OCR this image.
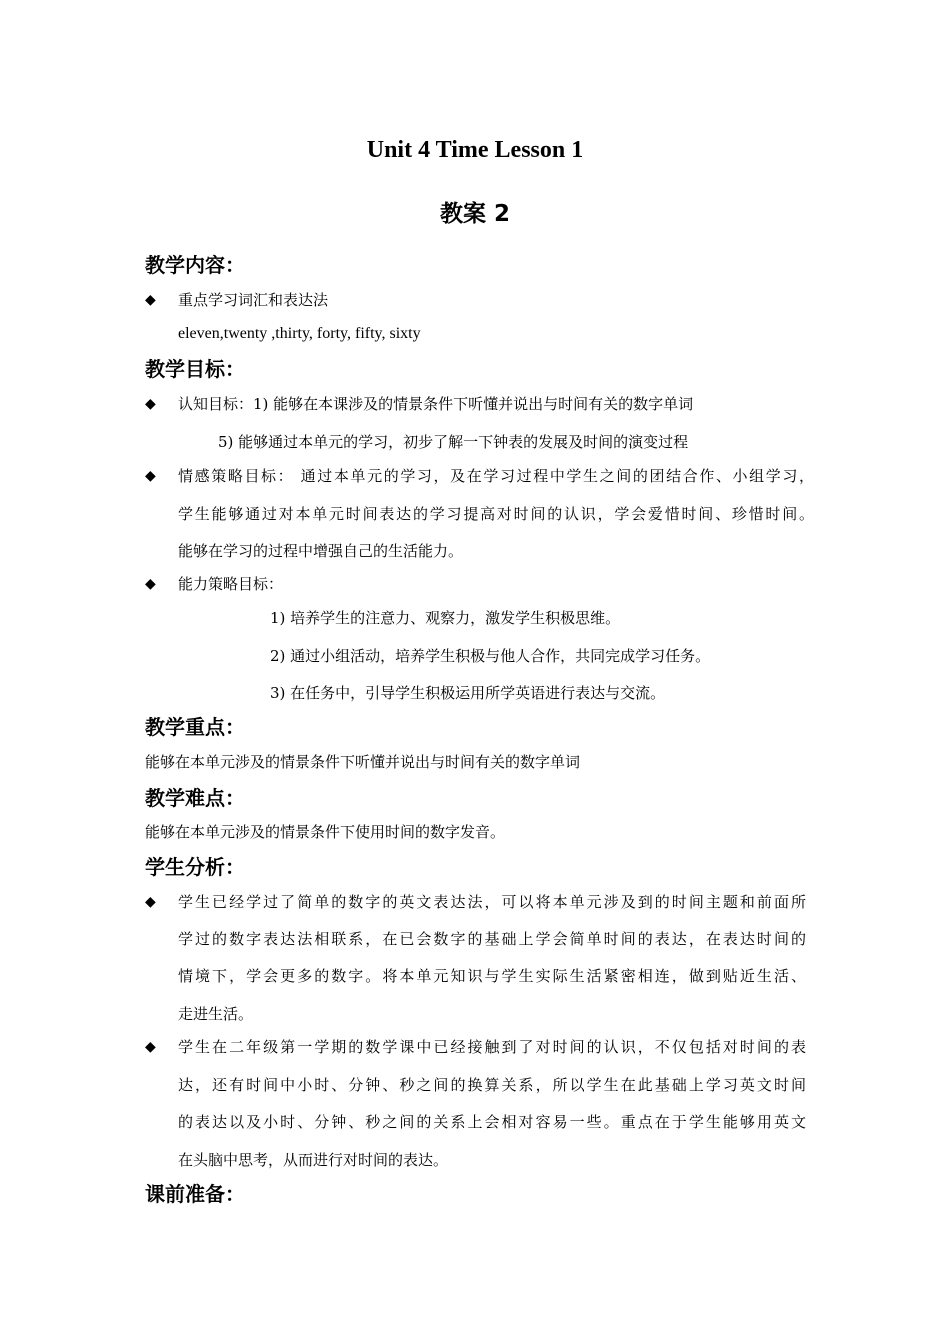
Unit 4 Time Lesson 1
教案 2
教学内容：
◆ 重点学习词汇和表达法
eleven,twenty ,thirty, forty, fifty, sixty
教学目标：
◆ 认知目标：1) 能够在本课涉及的情景条件下听懂并说出与时间有关的数字单词
5) 能够通过本单元的学习，初步了解一下钟表的发展及时间的演变过程
◆ 情感策略目标： 通过本单元的学习，及在学习过程中学生之间的团结合作、小组学习，
学生能够通过对本单元时间表达的学习提高对时间的认识，学会爱惜时间、珍惜时间。
能够在学习的过程中增强自己的生活能力。
◆ 能力策略目标：
1) 培养学生的注意力、观察力，激发学生积极思维。
2) 通过小组活动，培养学生积极与他人合作，共同完成学习任务。
3) 在任务中，引导学生积极运用所学英语进行表达与交流。
教学重点：
能够在本单元涉及的情景条件下听懂并说出与时间有关的数字单词
教学难点：
能够在本单元涉及的情景条件下使用时间的数字发音。
学生分析：
◆ 学生已经学过了简单的数字的英文表达法，可以将本单元涉及到的时间主题和前面所
学过的数字表达法相联系，在已会数字的基础上学会简单时间的表达，在表达时间的
情境下，学会更多的数字。将本单元知识与学生实际生活紧密相连，做到贴近生活、
走进生活。
◆ 学生在二年级第一学期的数学课中已经接触到了对时间的认识，不仅包括对时间的表
达，还有时间中小时、分钟、秒之间的换算关系，所以学生在此基础上学习英文时间
的表达以及小时、分钟、秒之间的关系上会相对容易一些。重点在于学生能够用英文
在头脑中思考，从而进行对时间的表达。
课前准备：
